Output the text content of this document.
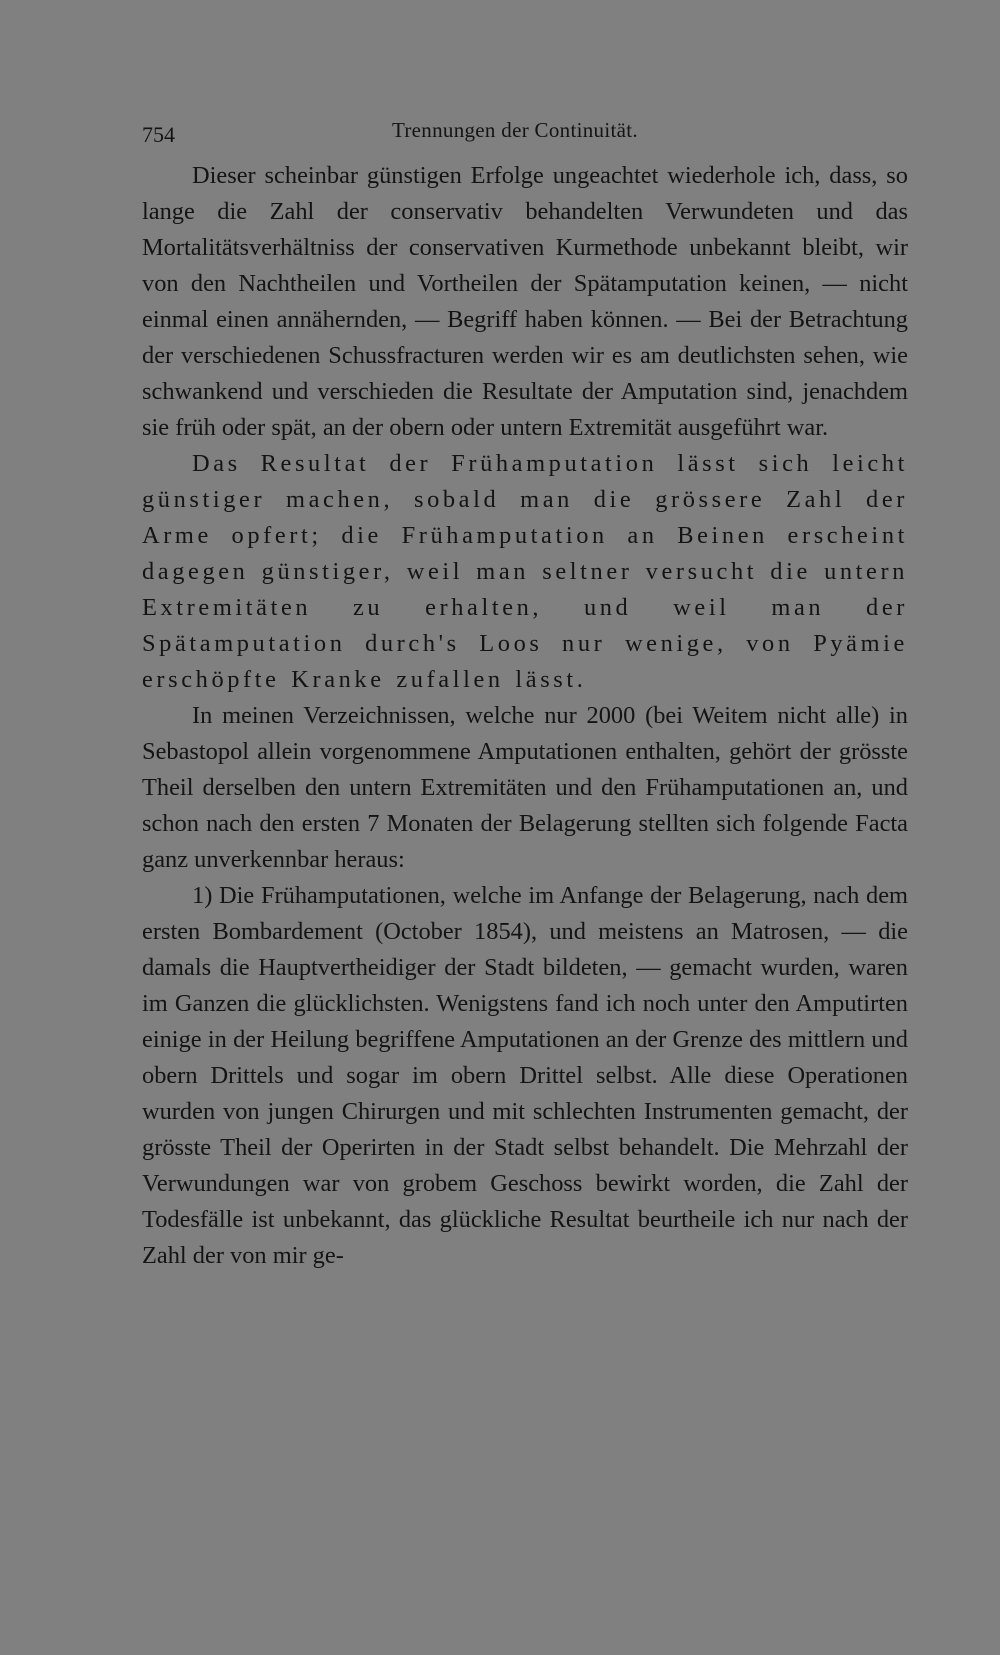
754	Trennungen der Continuität.

Dieser scheinbar günstigen Erfolge ungeachtet wiederhole ich, dass, so lange die Zahl der conservativ behandelten Verwundeten und das Mortalitätsverhältniss der conservativen Kurmethode unbekannt bleibt, wir von den Nachtheilen und Vortheilen der Spätamputation keinen, — nicht einmal einen annähernden, — Begriff haben können. — Bei der Betrachtung der verschiedenen Schussfracturen werden wir es am deutlichsten sehen, wie schwankend und verschieden die Resultate der Amputation sind, jenachdem sie früh oder spät, an der obern oder untern Extremität ausgeführt war.

Das Resultat der Frühamputation lässt sich leicht günstiger machen, sobald man die grössere Zahl der Arme opfert; die Frühamputation an Beinen erscheint dagegen günstiger, weil man seltner versucht die untern Extremitäten zu erhalten, und weil man der Spätamputation durch's Loos nur wenige, von Pyämie erschöpfte Kranke zufallen lässt.

In meinen Verzeichnissen, welche nur 2000 (bei Weitem nicht alle) in Sebastopol allein vorgenommene Amputationen enthalten, gehört der grösste Theil derselben den untern Extremitäten und den Frühamputationen an, und schon nach den ersten 7 Monaten der Belagerung stellten sich folgende Facta ganz unverkennbar heraus:

1) Die Frühamputationen, welche im Anfange der Belagerung, nach dem ersten Bombardement (October 1854), und meistens an Matrosen, — die damals die Hauptvertheidiger der Stadt bildeten, — gemacht wurden, waren im Ganzen die glücklichsten. Wenigstens fand ich noch unter den Amputirten einige in der Heilung begriffene Amputationen an der Grenze des mittlern und obern Drittels und sogar im obern Drittel selbst. Alle diese Operationen wurden von jungen Chirurgen und mit schlechten Instrumenten gemacht, der grösste Theil der Operirten in der Stadt selbst behandelt. Die Mehrzahl der Verwundungen war von grobem Geschoss bewirkt worden, die Zahl der Todesfälle ist unbekannt, das glückliche Resultat beurtheile ich nur nach der Zahl der von mir ge-
